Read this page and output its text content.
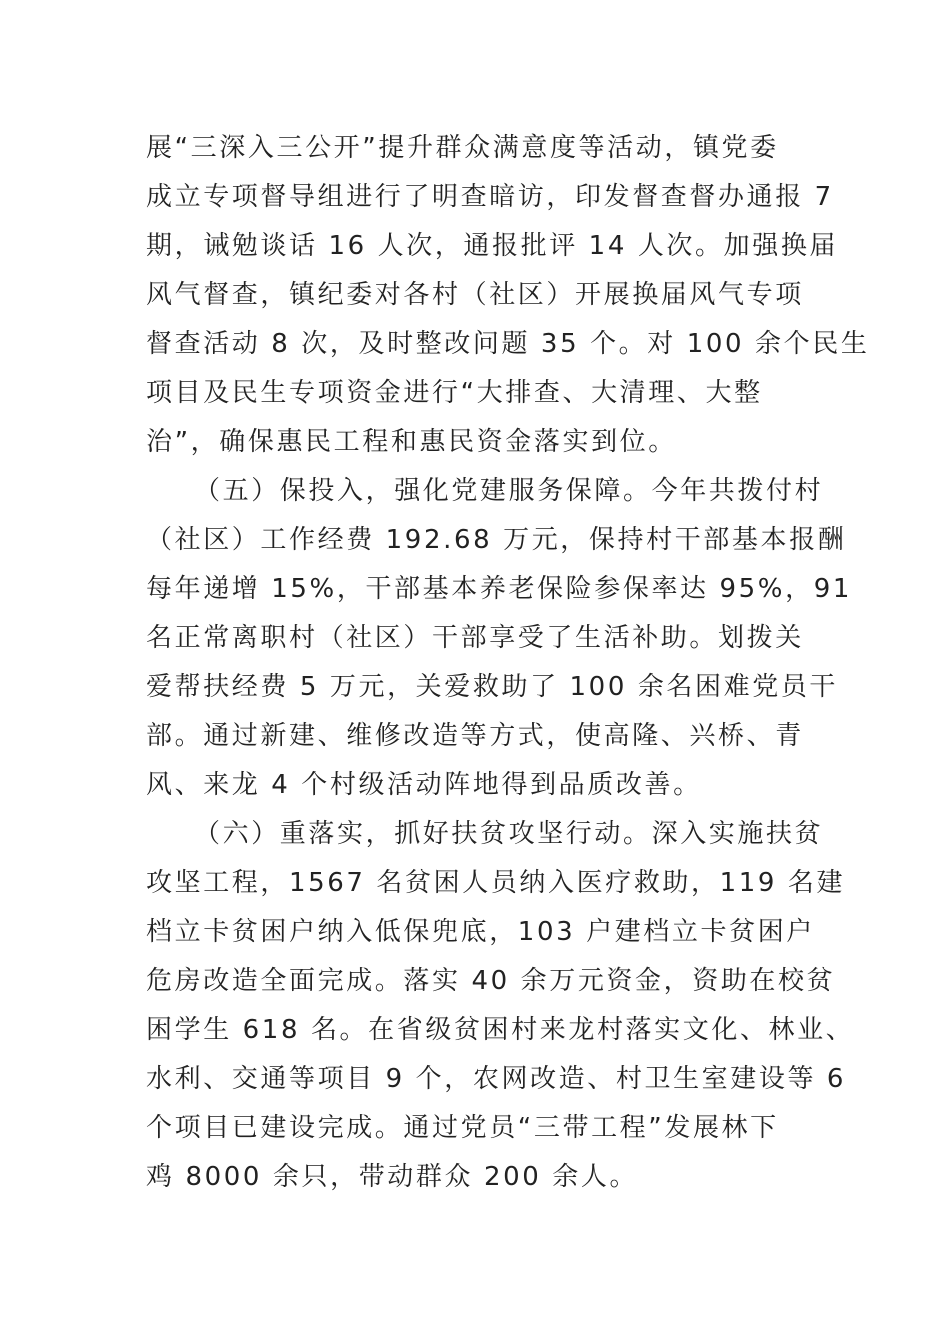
展“三深入三公开”提升群众满意度等活动，镇党委
成立专项督导组进行了明查暗访，印发督查督办通报 7
期，诫勉谈话 16 人次，通报批评 14 人次。加强换届
风气督查，镇纪委对各村（社区）开展换届风气专项
督查活动 8 次，及时整改问题 35 个。对 100 余个民生
项目及民生专项资金进行“大排查、大清理、大整
治”，确保惠民工程和惠民资金落实到位。
（五）保投入，强化党建服务保障。今年共拨付村
（社区）工作经费 192.68 万元，保持村干部基本报酬
每年递增 15%，干部基本养老保险参保率达 95%，91
名正常离职村（社区）干部享受了生活补助。划拨关
爱帮扶经费 5 万元，关爱救助了 100 余名困难党员干
部。通过新建、维修改造等方式，使高隆、兴桥、青
风、来龙 4 个村级活动阵地得到品质改善。
（六）重落实，抓好扶贫攻坚行动。深入实施扶贫
攻坚工程，1567 名贫困人员纳入医疗救助，119 名建
档立卡贫困户纳入低保兜底，103 户建档立卡贫困户
危房改造全面完成。落实 40 余万元资金，资助在校贫
困学生 618 名。在省级贫困村来龙村落实文化、林业、
水利、交通等项目 9 个，农网改造、村卫生室建设等 6
个项目已建设完成。通过党员“三带工程”发展林下
鸡 8000 余只，带动群众 200 余人。
